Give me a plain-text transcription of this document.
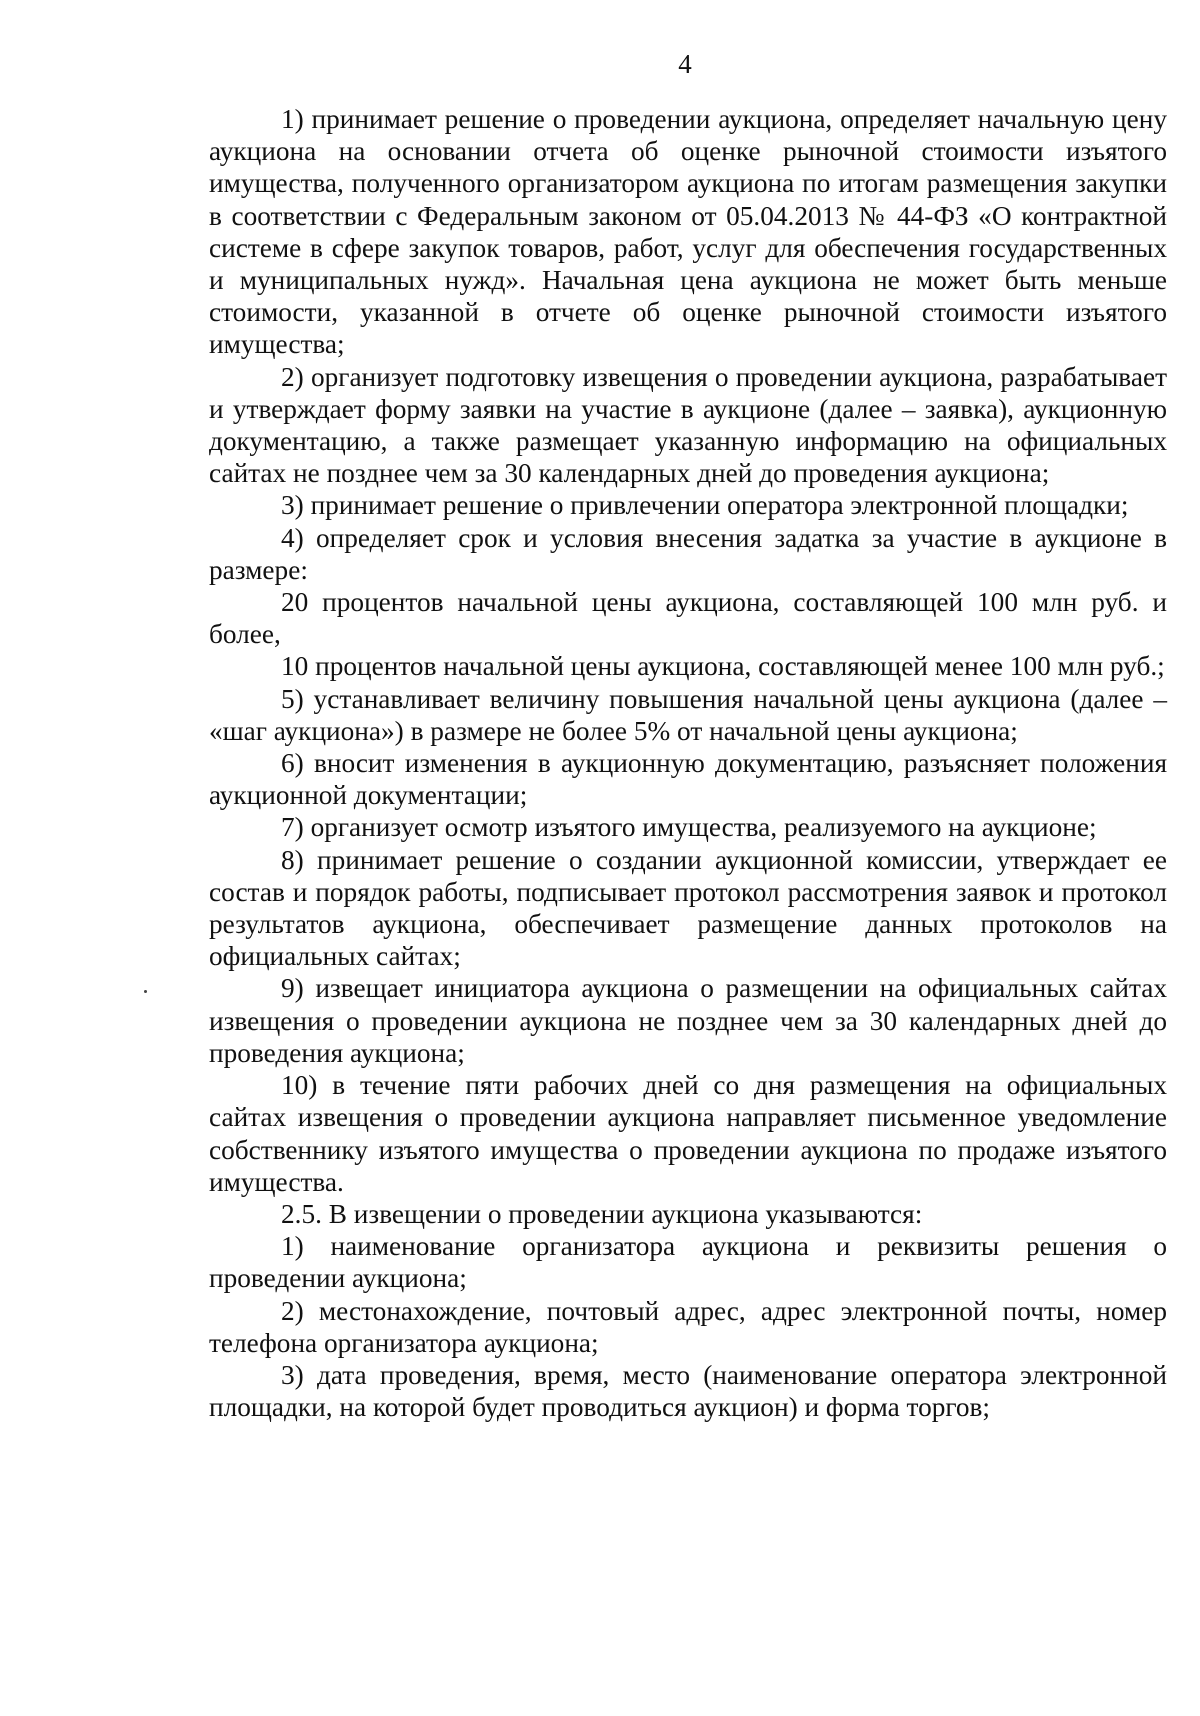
4

1) принимает решение о проведении аукциона, определяет начальную цену аукциона на основании отчета об оценке рыночной стоимости изъятого имущества, полученного организатором аукциона по итогам размещения закупки в соответствии с Федеральным законом от 05.04.2013 № 44-ФЗ «О контрактной системе в сфере закупок товаров, работ, услуг для обеспечения государственных и муниципальных нужд». Начальная цена аукциона не может быть меньше стоимости, указанной в отчете об оценке рыночной стоимости изъятого имущества;

2) организует подготовку извещения о проведении аукциона, разрабатывает и утверждает форму заявки на участие в аукционе (далее – заявка), аукционную документацию, а также размещает указанную информацию на официальных сайтах не позднее чем за 30 календарных дней до проведения аукциона;

3) принимает решение о привлечении оператора электронной площадки;

4) определяет срок и условия внесения задатка за участие в аукционе в размере:

20 процентов начальной цены аукциона, составляющей 100 млн руб. и более,

10 процентов начальной цены аукциона, составляющей менее 100 млн руб.;

5) устанавливает величину повышения начальной цены аукциона (далее – «шаг аукциона») в размере не более 5% от начальной цены аукциона;

6) вносит изменения в аукционную документацию, разъясняет положения аукционной документации;

7) организует осмотр изъятого имущества, реализуемого на аукционе;

8) принимает решение о создании аукционной комиссии, утверждает ее состав и порядок работы, подписывает протокол рассмотрения заявок и протокол результатов аукциона, обеспечивает размещение данных протоколов на официальных сайтах;

9) извещает инициатора аукциона о размещении на официальных сайтах извещения о проведении аукциона не позднее чем за 30 календарных дней до проведения аукциона;

10) в течение пяти рабочих дней со дня размещения на официальных сайтах извещения о проведении аукциона направляет письменное уведомление собственнику изъятого имущества о проведении аукциона по продаже изъятого имущества.

2.5. В извещении о проведении аукциона указываются:

1) наименование организатора аукциона и реквизиты решения о проведении аукциона;

2) местонахождение, почтовый адрес, адрес электронной почты, номер телефона организатора аукциона;

3) дата проведения, время, место (наименование оператора электронной площадки, на которой будет проводиться аукцион) и форма торгов;
